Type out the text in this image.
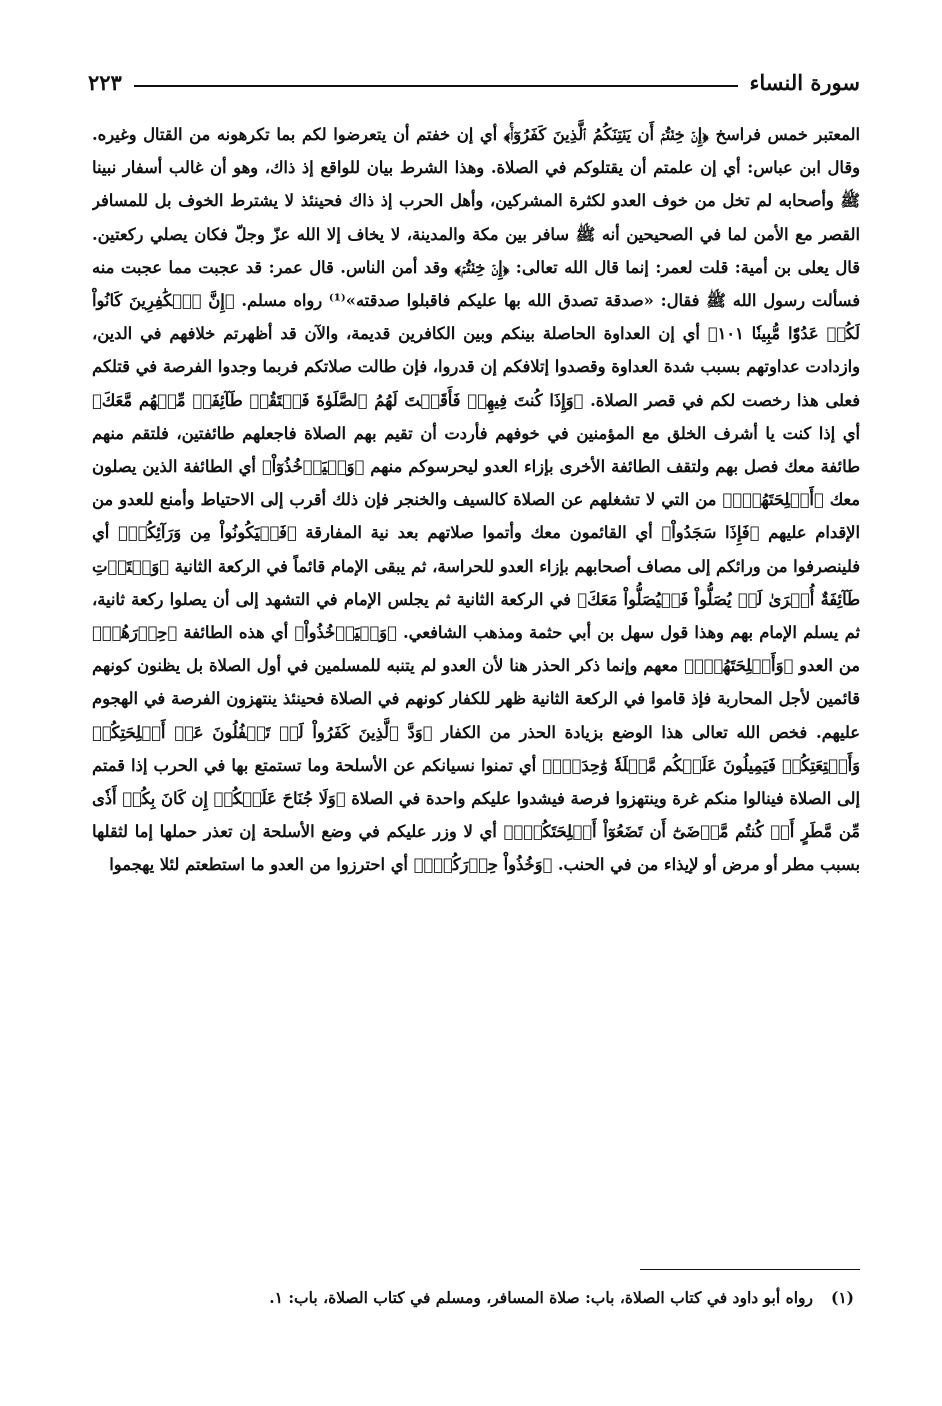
سورة النساء
٢٢٣

المعتبر خمس فراسخ ﴿إِنۡ خِفۡتُمۡ أَن يَفۡتِنَكُمُ ٱلَّذِينَ كَفَرُوٓاْۚ﴾ أي إن خفتم أن يتعرضوا لكم بما تكرهونه من القتال وغيره. وقال ابن عباس: أي إن علمتم أن يقتلوكم في الصلاة. وهذا الشرط بيان للواقع إذ ذاك، وهو أن غالب أسفار نبينا ﷺ وأصحابه لم تخل من خوف العدو لكثرة المشركين، وأهل الحرب إذ ذاك فحينئذ لا يشترط الخوف بل للمسافر القصر مع الأمن لما في الصحيحين أنه ﷺ سافر بين مكة والمدينة، لا يخاف إلا الله عزّ وجلّ فكان يصلي ركعتين. قال يعلى بن أمية: قلت لعمر: إنما قال الله تعالى: ﴿إِنۡ خِفۡتُمۡ﴾ وقد أمن الناس. قال عمر: قد عجبت مما عجبت منه فسألت رسول الله ﷺ فقال: «صدقة تصدق الله بها عليكم فاقبلوا صدقته»⁽¹⁾ رواه مسلم. ﴿إِنَّ ٱلۡكَٰفِرِينَ كَانُواْ لَكُمۡ عَدُوّٗا مُّبِينٗا ١٠١﴾ أي إن العداوة الحاصلة بينكم وبين الكافرين قديمة، والآن قد أظهرتم خلافهم في الدين، وازدادت عداوتهم بسبب شدة العداوة وقصدوا إتلافكم إن قدروا، فإن طالت صلاتكم فربما وجدوا الفرصة في قتلكم فعلى هذا رخصت لكم في قصر الصلاة. ﴿وَإِذَا كُنتَ فِيهِمۡ فَأَقَمۡتَ لَهُمُ ٱلصَّلَوٰةَ فَلۡتَقُمۡ طَآئِفَةٞ مِّنۡهُم مَّعَكَ﴾ أي إذا كنت يا أشرف الخلق مع المؤمنين في خوفهم فأردت أن تقيم بهم الصلاة فاجعلهم طائفتين، فلتقم منهم طائفة معك فصل بهم ولتقف الطائفة الأخرى بإزاء العدو ليحرسوكم منهم ﴿وَلۡيَأۡخُذُوٓاْ﴾ أي الطائفة الذين يصلون معك ﴿أَسۡلِحَتَهُمۡۖ﴾ من التي لا تشغلهم عن الصلاة كالسيف والخنجر فإن ذلك أقرب إلى الاحتياط وأمنع للعدو من الإقدام عليهم ﴿فَإِذَا سَجَدُواْ﴾ أي القائمون معك وأتموا صلاتهم بعد نية المفارقة ﴿فَلۡيَكُونُواْ مِن وَرَآئِكُمۡ﴾ أي فلينصرفوا من ورائكم إلى مصاف أصحابهم بإزاء العدو للحراسة، ثم يبقى الإمام قائماً في الركعة الثانية ﴿وَلۡتَأۡتِ طَآئِفَةٌ أُخۡرَىٰ لَمۡ يُصَلُّواْ فَلۡيُصَلُّواْ مَعَكَ﴾ في الركعة الثانية ثم يجلس الإمام في التشهد إلى أن يصلوا ركعة ثانية، ثم يسلم الإمام بهم وهذا قول سهل بن أبي حثمة ومذهب الشافعي. ﴿وَلۡيَأۡخُذُواْ﴾ أي هذه الطائفة ﴿حِذۡرَهُمۡ﴾ من العدو ﴿وَأَسۡلِحَتَهُمۡۗ﴾ معهم وإنما ذكر الحذر هنا لأن العدو لم يتنبه للمسلمين في أول الصلاة بل يظنون كونهم قائمين لأجل المحاربة فإذ قاموا في الركعة الثانية ظهر للكفار كونهم في الصلاة فحينئذ ينتهزون الفرصة في الهجوم عليهم. فخص الله تعالى هذا الوضع بزيادة الحذر من الكفار ﴿وَدَّ ٱلَّذِينَ كَفَرُواْ لَوۡ تَغۡفُلُونَ عَنۡ أَسۡلِحَتِكُمۡ وَأَمۡتِعَتِكُمۡ فَيَمِيلُونَ عَلَيۡكُم مَّيۡلَةٗ وَٰحِدَةٗۚ﴾ أي تمنوا نسيانكم عن الأسلحة وما تستمتع بها في الحرب إذا قمتم إلى الصلاة فينالوا منكم غرة وينتهزوا فرصة فيشدوا عليكم واحدة في الصلاة ﴿وَلَا جُنَاحَ عَلَيۡكُمۡ إِن كَانَ بِكُمۡ أَذٗى مِّن مَّطَرٍ أَوۡ كُنتُم مَّرۡضَىٰٓ أَن تَضَعُوٓاْ أَسۡلِحَتَكُمۡۖ﴾ أي لا وزر عليكم في وضع الأسلحة إن تعذر حملها إما لثقلها بسبب مطر أو مرض أو لإيذاء من في الحنب. ﴿وَخُذُواْ حِذۡرَكُمۡۗ﴾ أي احترزوا من العدو ما استطعتم لئلا يهجموا

(١)رواه أبو داود في كتاب الصلاة، باب: صلاة المسافر، ومسلم في كتاب الصلاة، باب: ١.
